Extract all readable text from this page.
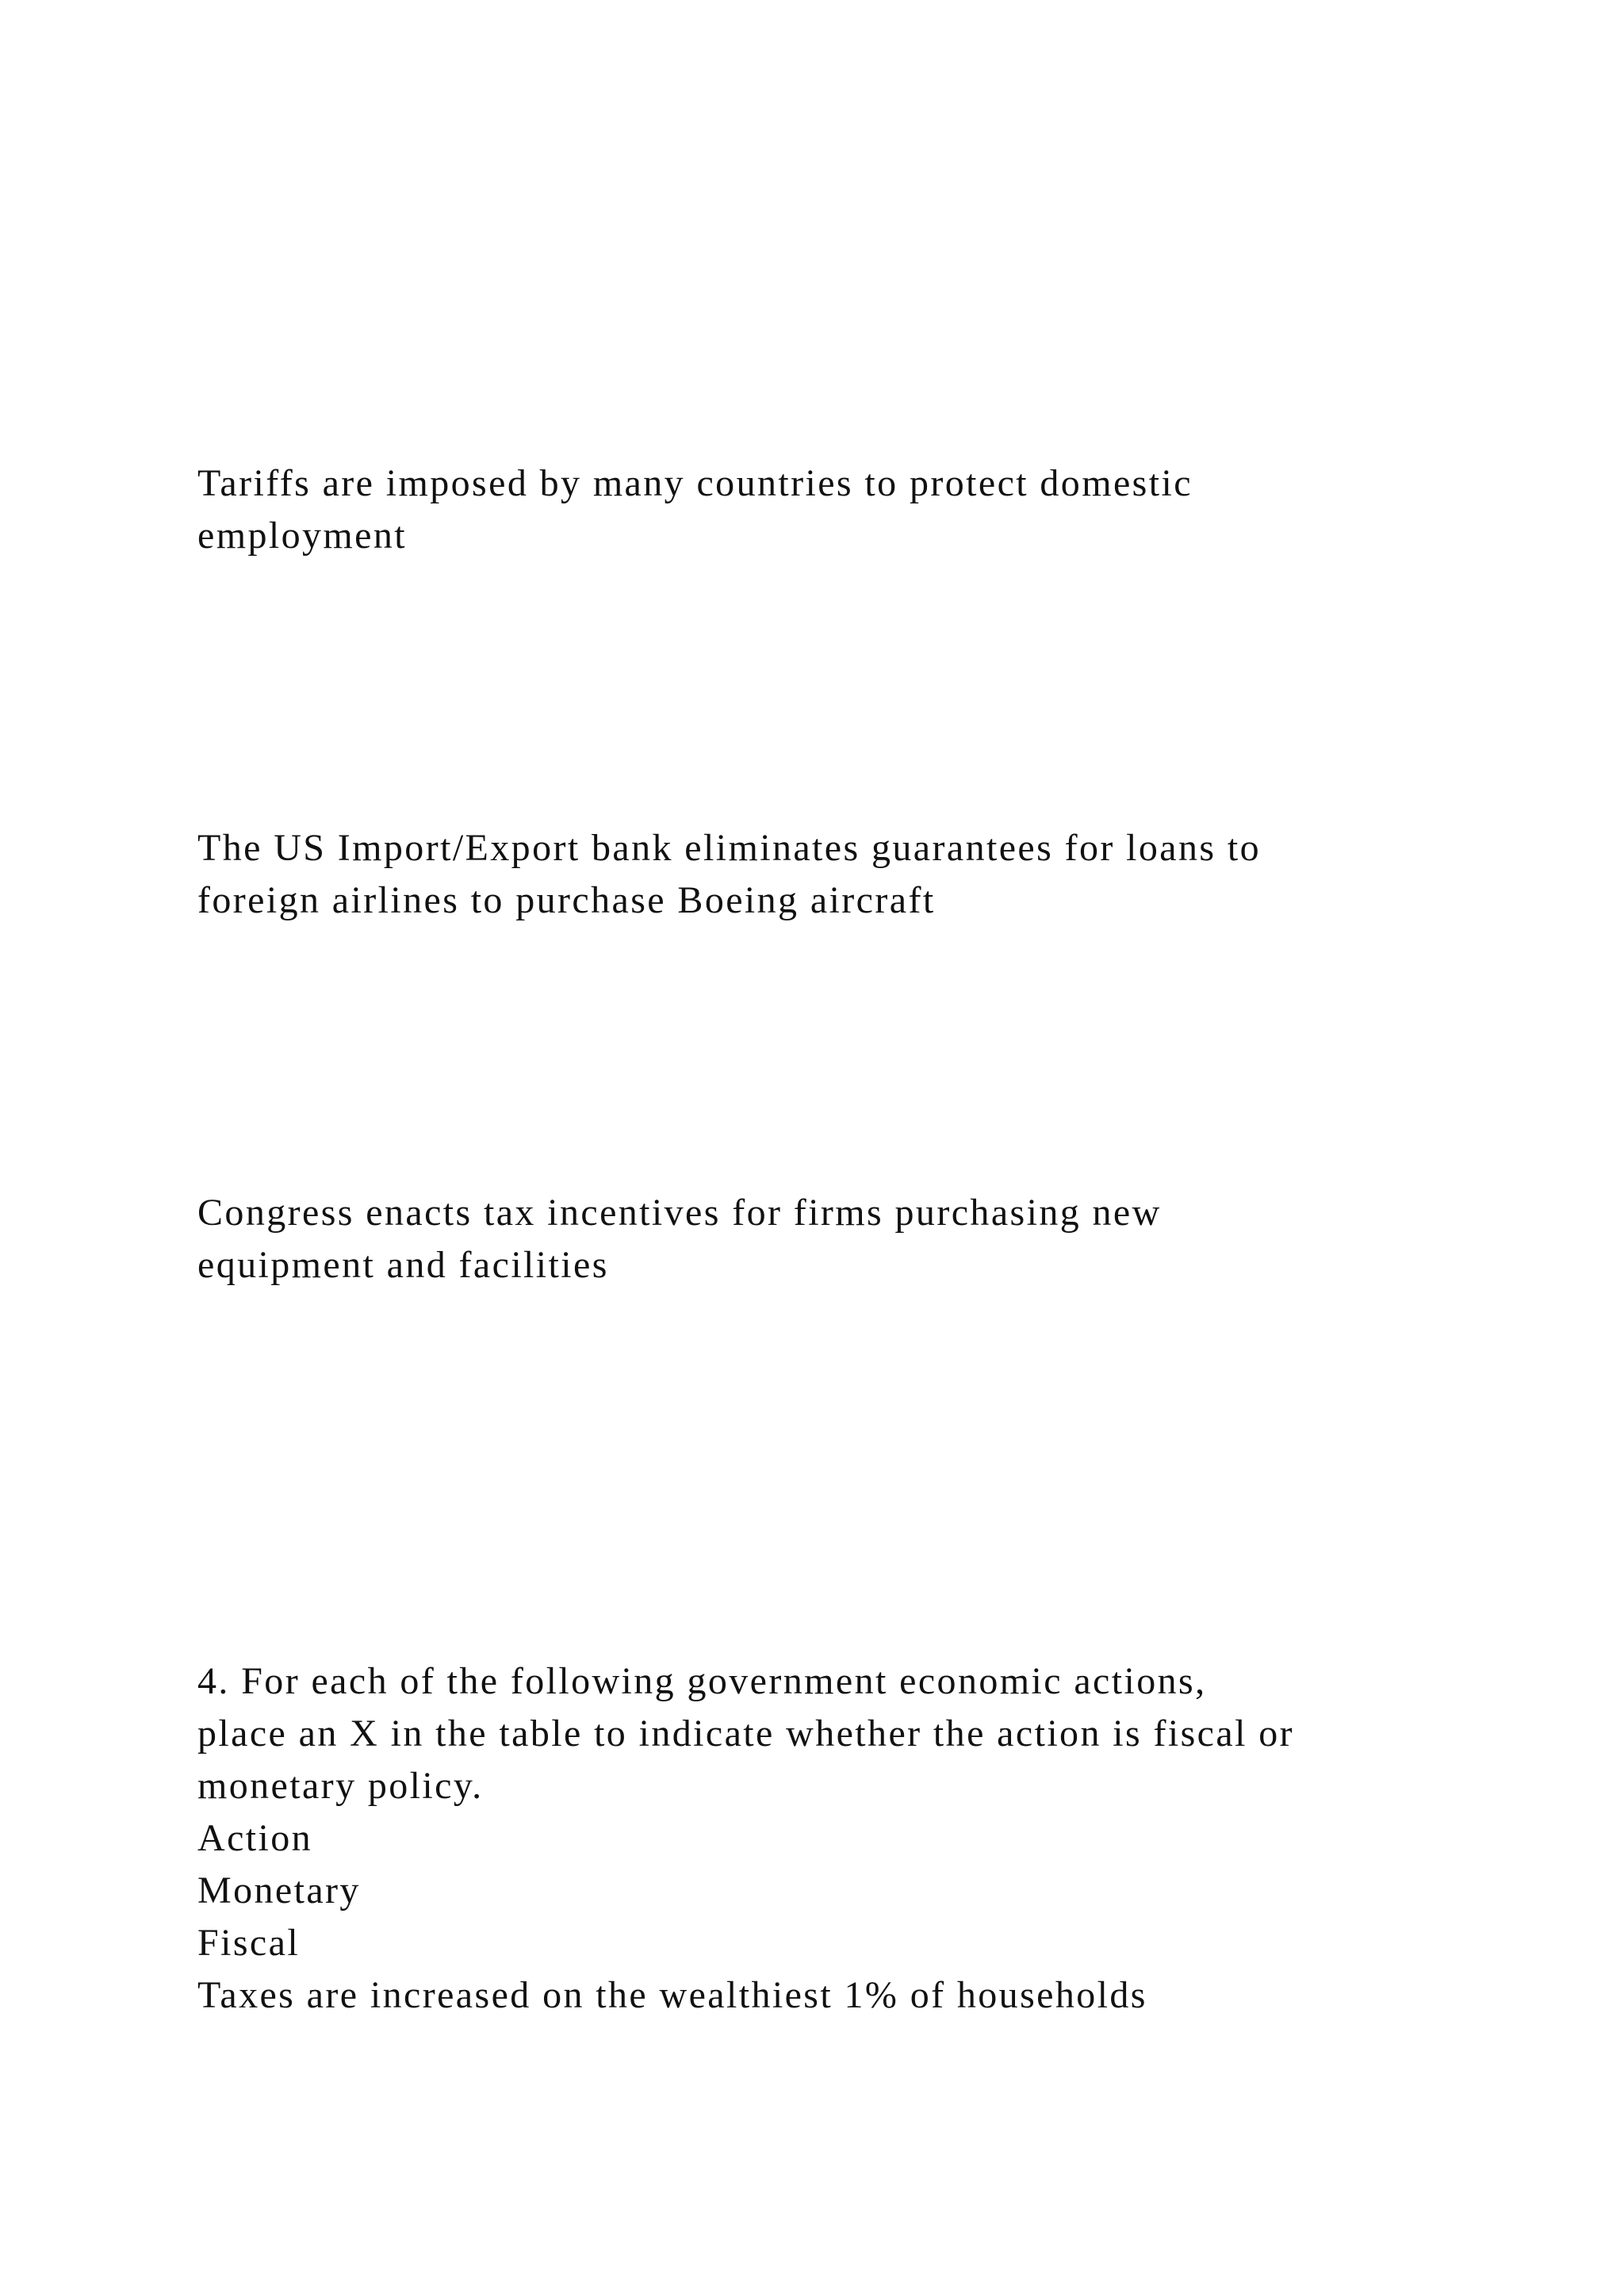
Tariffs are imposed by many countries to protect domestic
employment
The US Import/Export bank eliminates guarantees for loans to
foreign airlines to purchase Boeing aircraft
Congress enacts tax incentives for firms purchasing new
equipment and facilities
4. For each of the following government economic actions,
place an X in the table to indicate whether the action is fiscal or
monetary policy.
Action
Monetary
Fiscal
Taxes are increased on the wealthiest 1% of households
